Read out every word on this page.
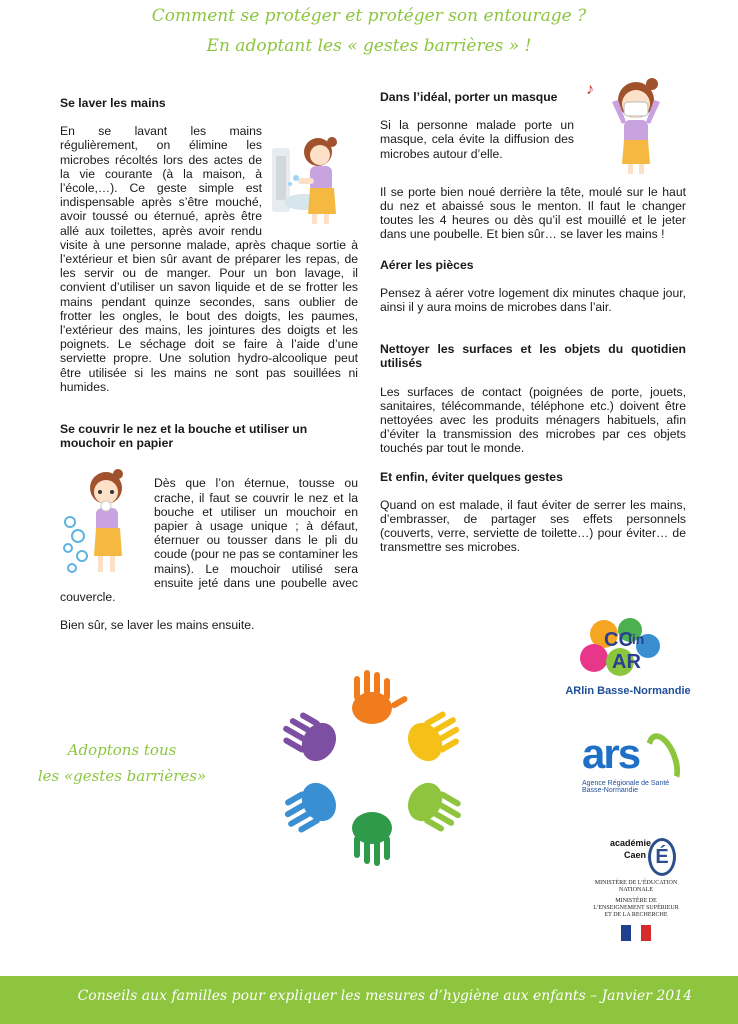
Comment se protéger et protéger son entourage ?
En adoptant les « gestes barrières » !
Se laver les mains

En se lavant les mains régulièrement, on élimine les microbes récoltés lors des actes de la vie courante (à la maison, à l’école,…). Ce geste simple est indispensable après s’être mouché, avoir toussé ou éternué, après être allé aux toilettes, après avoir rendu visite à une personne malade, après chaque sortie à l’extérieur et bien sûr avant de préparer les repas, de les servir ou de manger. Pour un bon lavage, il convient d’utiliser un savon liquide et de se frotter les mains pendant quinze secondes, sans oublier de frotter les ongles, le bout des doigts, les paumes, l’extérieur des mains, les jointures des doigts et les poignets. Le séchage doit se faire à l’aide d’une serviette propre. Une solution hydro-alcoolique peut être utilisée si les mains ne sont pas souillées ni humides.

Se couvrir le nez et la bouche et utiliser un mouchoir en papier

Dès que l’on éternue, tousse ou crache, il faut se couvrir le nez et la bouche et utiliser un mouchoir en papier à usage unique ; à défaut, éternuer ou tousser dans le pli du coude (pour ne pas se contaminer les mains). Le mouchoir utilisé sera ensuite jeté dans une poubelle avec couvercle.

Bien sûr, se laver les mains ensuite.

♪
Dans l’idéal, porter un masque

Si la personne malade porte un masque, cela évite la diffusion des microbes autour d’elle.

Il se porte bien noué derrière la tête, moulé sur le haut du nez et abaissé sous le menton. Il faut le changer toutes les 4 heures ou dès qu’il est mouillé et le jeter dans une poubelle. Et bien sûr… se laver les mains !

Aérer les pièces

Pensez à aérer votre logement dix minutes chaque jour, ainsi il y aura moins de microbes dans l’air.

Nettoyer les surfaces et les objets du quotidien utilisés

Les surfaces de contact (poignées de porte, jouets, sanitaires, télécommande, téléphone etc.) doivent être nettoyées avec les produits ménagers habituels, afin d’éviter la transmission des microbes par ces objets touchés par tout le monde.

Et enfin, éviter quelques gestes

Quand on est malade, il faut éviter de serrer les mains, d’embrasser, de partager ses effets personnels (couverts, verre, serviette de toilette…) pour éviter… de transmettre ses microbes.

Adoptons tous
les «gestes barrières»
CC
lin
AR
ARlin Basse-Normandie
ars
Agence Régionale de Santé
Basse-Normandie
académie
Caen É
MINISTÈRE DE L’ÉDUCATION NATIONALE
MINISTÈRE DE L’ENSEIGNEMENT SUPÉRIEUR ET DE LA RECHERCHE
Conseils aux familles pour expliquer les mesures d’hygiène aux enfants – Janvier 2014
